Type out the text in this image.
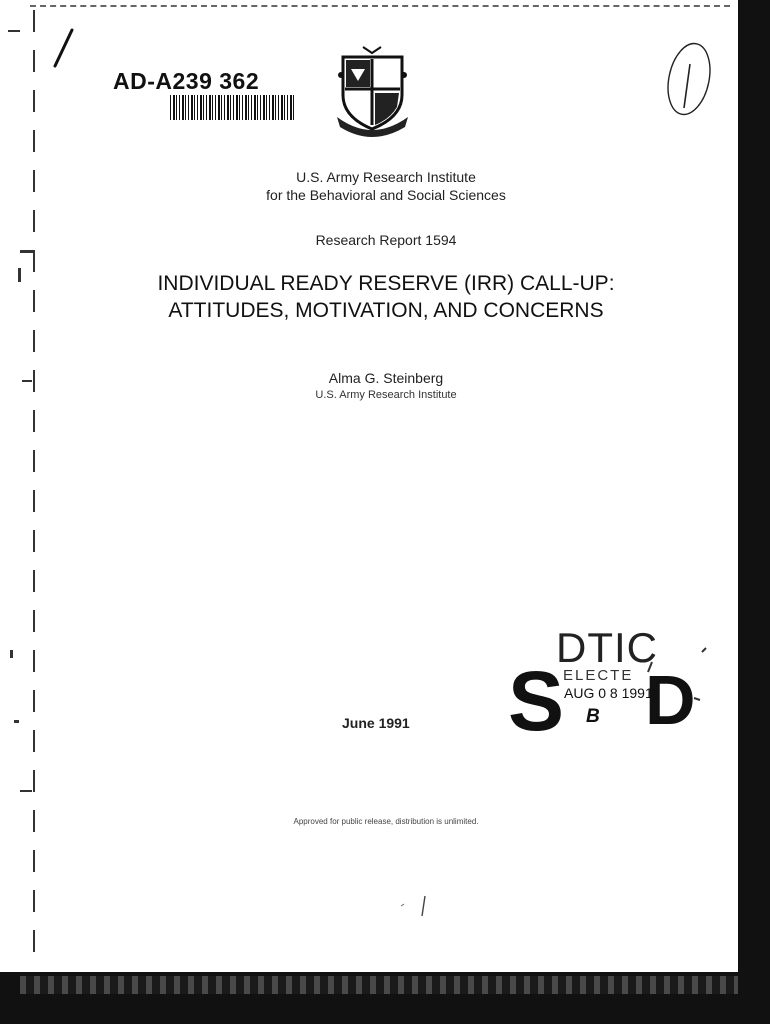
AD-A239 362
1
U.S. Army Research Institute
for the Behavioral and Social Sciences
Research Report 1594
INDIVIDUAL READY RESERVE (IRR) CALL-UP:
ATTITUDES, MOTIVATION, AND CONCERNS
Alma G. Steinberg
U.S. Army Research Institute
DTIC
S
ELECTE
AUG 0 8 1991
B D
June 1991
Approved for public release, distribution is unlimited.
